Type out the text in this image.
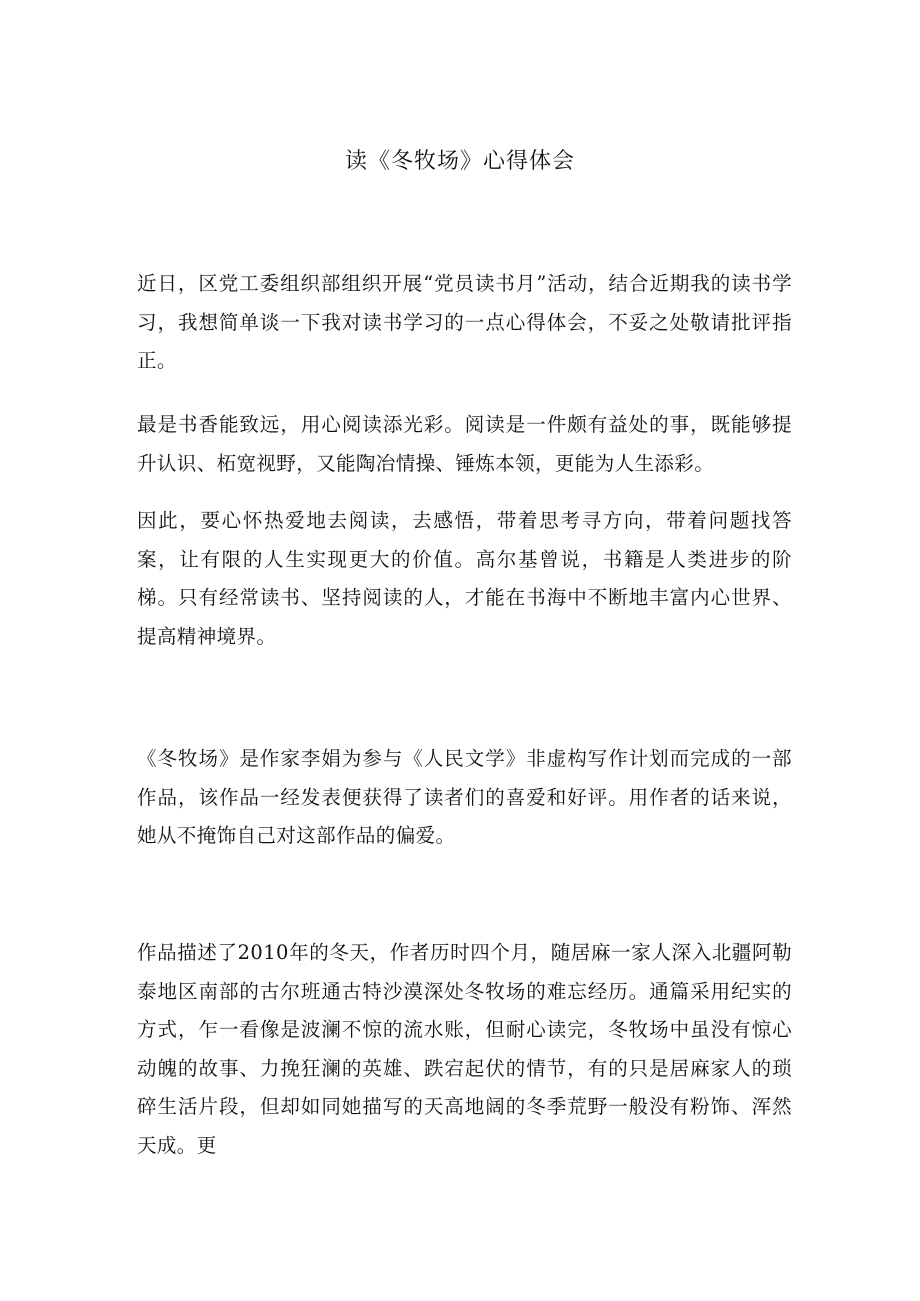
读《冬牧场》心得体会

近日，区党工委组织部组织开展“党员读书月”活动，结合近期我的读书学习，我想简单谈一下我对读书学习的一点心得体会，不妥之处敬请批评指正。

最是书香能致远，用心阅读添光彩。阅读是一件颇有益处的事，既能够提升认识、柘宽视野，又能陶冶情操、锤炼本领，更能为人生添彩。

因此，要心怀热爱地去阅读，去感悟，带着思考寻方向，带着问题找答案，让有限的人生实现更大的价值。高尔基曾说，书籍是人类进步的阶梯。只有经常读书、坚持阅读的人，才能在书海中不断地丰富内心世界、提高精神境界。

《冬牧场》是作家李娟为参与《人民文学》非虚构写作计划而完成的一部作品，该作品一经发表便获得了读者们的喜爱和好评。用作者的话来说，她从不掩饰自己对这部作品的偏爱。

作品描述了2010年的冬天，作者历时四个月，随居麻一家人深入北疆阿勒泰地区南部的古尔班通古特沙漠深处冬牧场的难忘经历。通篇采用纪实的方式，乍一看像是波澜不惊的流水账，但耐心读完，冬牧场中虽没有惊心动魄的故事、力挽狂澜的英雄、跌宕起伏的情节，有的只是居麻家人的琐碎生活片段，但却如同她描写的天高地阔的冬季荒野一般没有粉饰、浑然天成。更
